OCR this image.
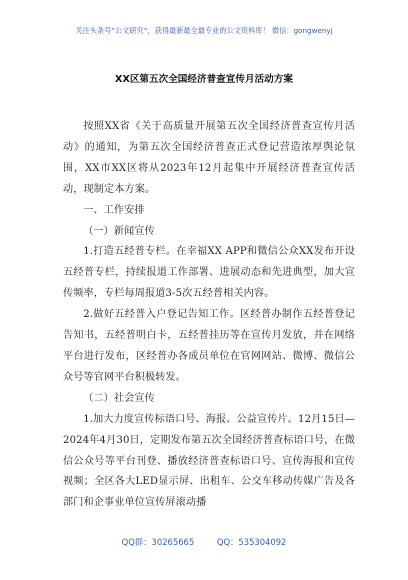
关注头条号“公文研究”，获得最新最全最专业的公文资料库！ 微信：gongwenyj
XX区第五次全国经济普查宣传月活动方案

按照XX省《关于高质量开展第五次全国经济普查宣传月活动》的通知，为第五次全国经济普查正式登记营造浓厚舆论氛围，XX市XX区将从2023年12月起集中开展经济普查宣传活动，现制定本方案。

一、工作安排

（一）新闻宣传

1.打造五经普专栏。在幸福XX APP和微信公众XX发布开设五经普专栏，持续报道工作部署、进展动态和先进典型，加大宣传频率，专栏每周报道3-5次五经普相关内容。

2.做好五经普入户登记告知工作。区经普办制作五经普登记告知书，五经普明白卡，五经普挂历等在宣传月发放，并在网络平台进行发布，区经普办各成员单位在官网网站、微博、微信公众号等官网平台积极转发。

（二）社会宣传

1.加大力度宣传标语口号、海报、公益宣传片。12月15日—2024年4月30日，定期发布第五次全国经济普查标语口号，在微信公众号等平台刊登、播放经济普查标语口号、宣传海报和宣传视频；全区各大LED显示屏、出租车、公交车移动传媒广告及各部门和企事业单位宣传屏滚动播

QQ群：30265665	QQ：535304092
